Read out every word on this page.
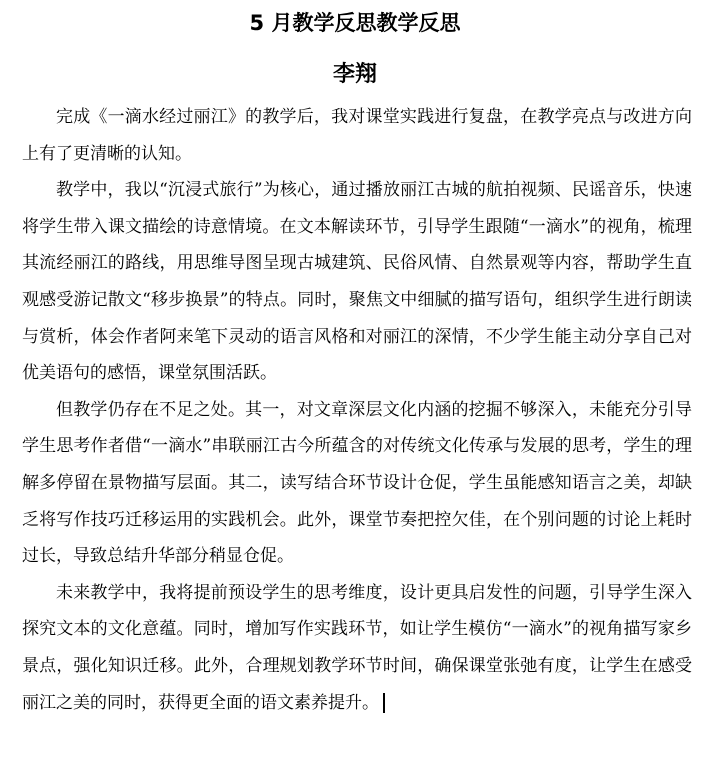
5 月教学反思教学反思
李翔

完成《一滴水经过丽江》的教学后，我对课堂实践进行复盘，在教学亮点与改进方向上有了更清晰的认知。

教学中，我以“沉浸式旅行”为核心，通过播放丽江古城的航拍视频、民谣音乐，快速将学生带入课文描绘的诗意情境。在文本解读环节，引导学生跟随“一滴水”的视角，梳理其流经丽江的路线，用思维导图呈现古城建筑、民俗风情、自然景观等内容，帮助学生直观感受游记散文“移步换景”的特点。同时，聚焦文中细腻的描写语句，组织学生进行朗读与赏析，体会作者阿来笔下灵动的语言风格和对丽江的深情，不少学生能主动分享自己对优美语句的感悟，课堂氛围活跃。

但教学仍存在不足之处。其一，对文章深层文化内涵的挖掘不够深入，未能充分引导学生思考作者借“一滴水”串联丽江古今所蕴含的对传统文化传承与发展的思考，学生的理解多停留在景物描写层面。其二，读写结合环节设计仓促，学生虽能感知语言之美，却缺乏将写作技巧迁移运用的实践机会。此外，课堂节奏把控欠佳，在个别问题的讨论上耗时过长，导致总结升华部分稍显仓促。

未来教学中，我将提前预设学生的思考维度，设计更具启发性的问题，引导学生深入探究文本的文化意蕴。同时，增加写作实践环节，如让学生模仿“一滴水”的视角描写家乡景点，强化知识迁移。此外，合理规划教学环节时间，确保课堂张弛有度，让学生在感受丽江之美的同时，获得更全面的语文素养提升。
